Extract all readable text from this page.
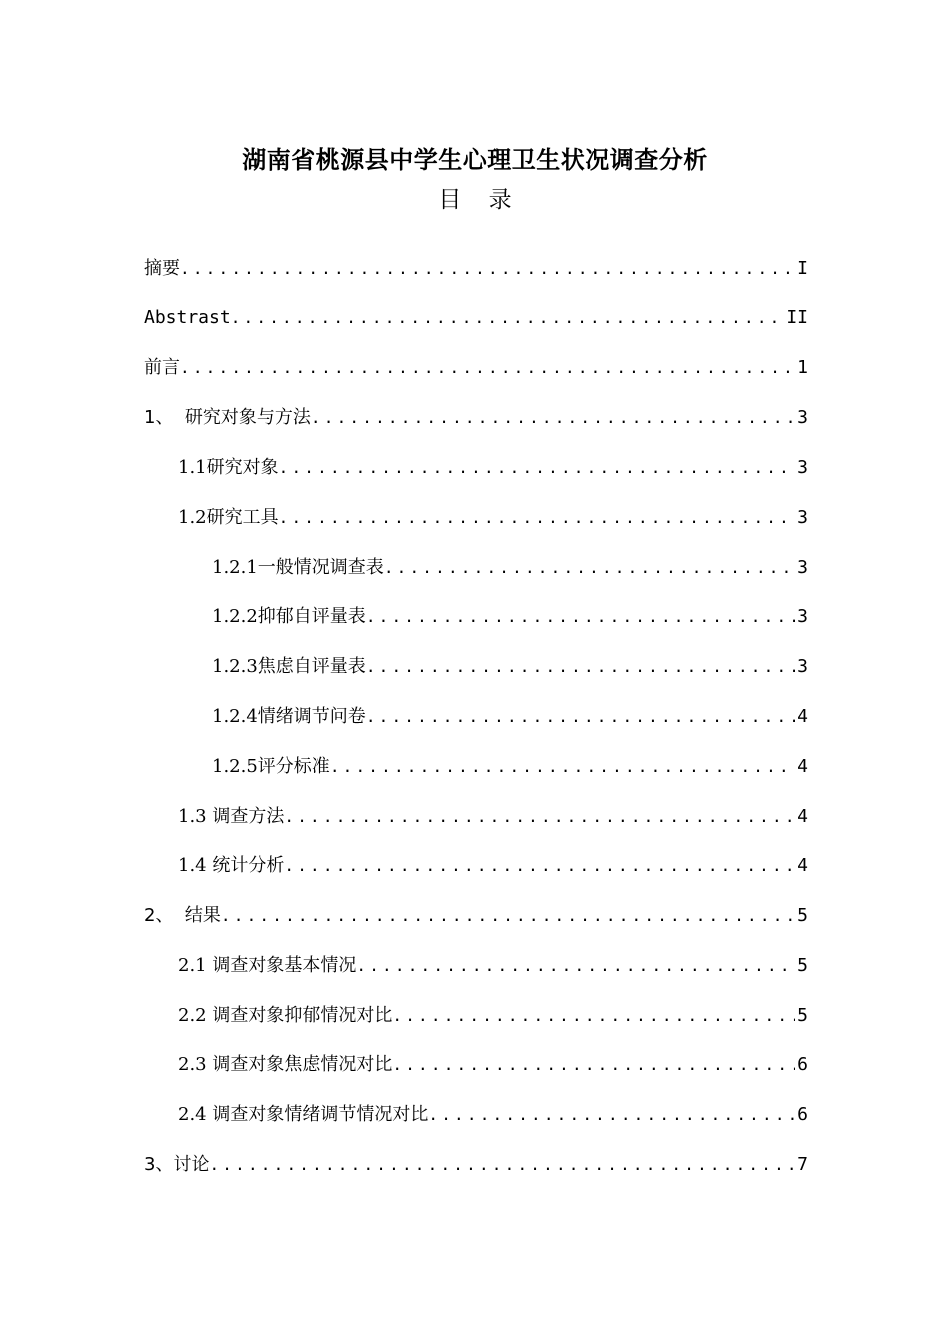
湖南省桃源县中学生心理卫生状况调查分析
目 录
摘要 .....	I
Abstrast .....	II
前言 .....	1
1、  研究对象与方法 .....	3
1.1研究对象 .....	3
1.2研究工具 .....	3
1.2.1一般情况调查表 .....	3
1.2.2抑郁自评量表 .....	3
1.2.3焦虑自评量表 .....	3
1.2.4情绪调节问卷 .....	4
1.2.5评分标准 .....	4
1.3 调查方法 .....	4
1.4 统计分析 .....	4
2、  结果 .....	5
2.1 调查对象基本情况 .....	5
2.2 调查对象抑郁情况对比 .....	5
2.3 调查对象焦虑情况对比 .....	6
2.4 调查对象情绪调节情况对比 .....	6
3、讨论 .....	7
